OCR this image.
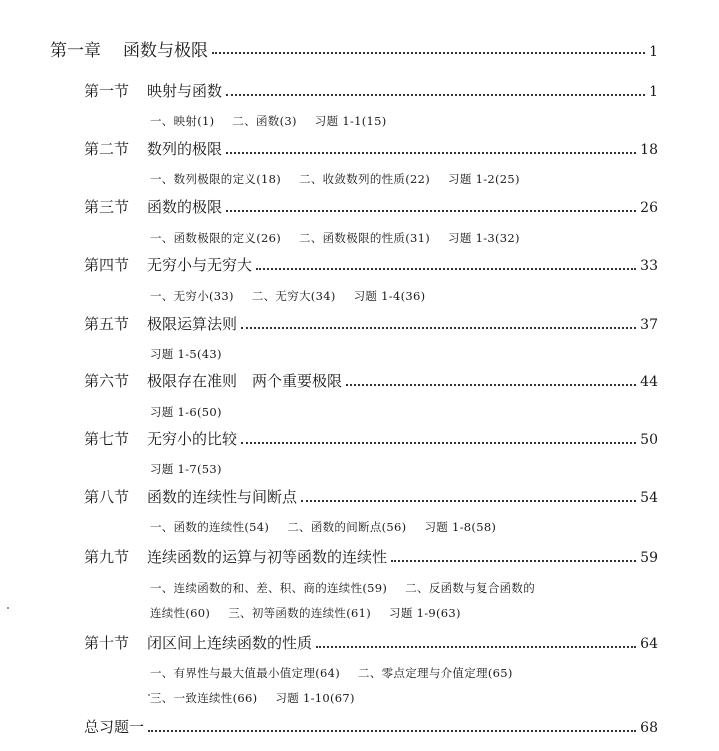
第一章 函数与极限	1
第一节 映射与函数	1
一、映射(1) 二、函数(3) 习题 1-1(15)
第二节 数列的极限	18
一、数列极限的定义(18) 二、收敛数列的性质(22) 习题 1-2(25)
第三节 函数的极限	26
一、函数极限的定义(26) 二、函数极限的性质(31) 习题 1-3(32)
第四节 无穷小与无穷大	33
一、无穷小(33) 二、无穷大(34) 习题 1-4(36)
第五节 极限运算法则	37
习题 1-5(43)
第六节 极限存在准则　两个重要极限	44
习题 1-6(50)
第七节 无穷小的比较	50
习题 1-7(53)
第八节 函数的连续性与间断点	54
一、函数的连续性(54) 二、函数的间断点(56) 习题 1-8(58)
第九节 连续函数的运算与初等函数的连续性	59
一、连续函数的和、差、积、商的连续性(59) 二、反函数与复合函数的
连续性(60) 三、初等函数的连续性(61) 习题 1-9(63)
第十节 闭区间上连续函数的性质	64
一、有界性与最大值最小值定理(64) 二、零点定理与介值定理(65)
三、一致连续性(66) 习题 1-10(67)
总习题一	68
